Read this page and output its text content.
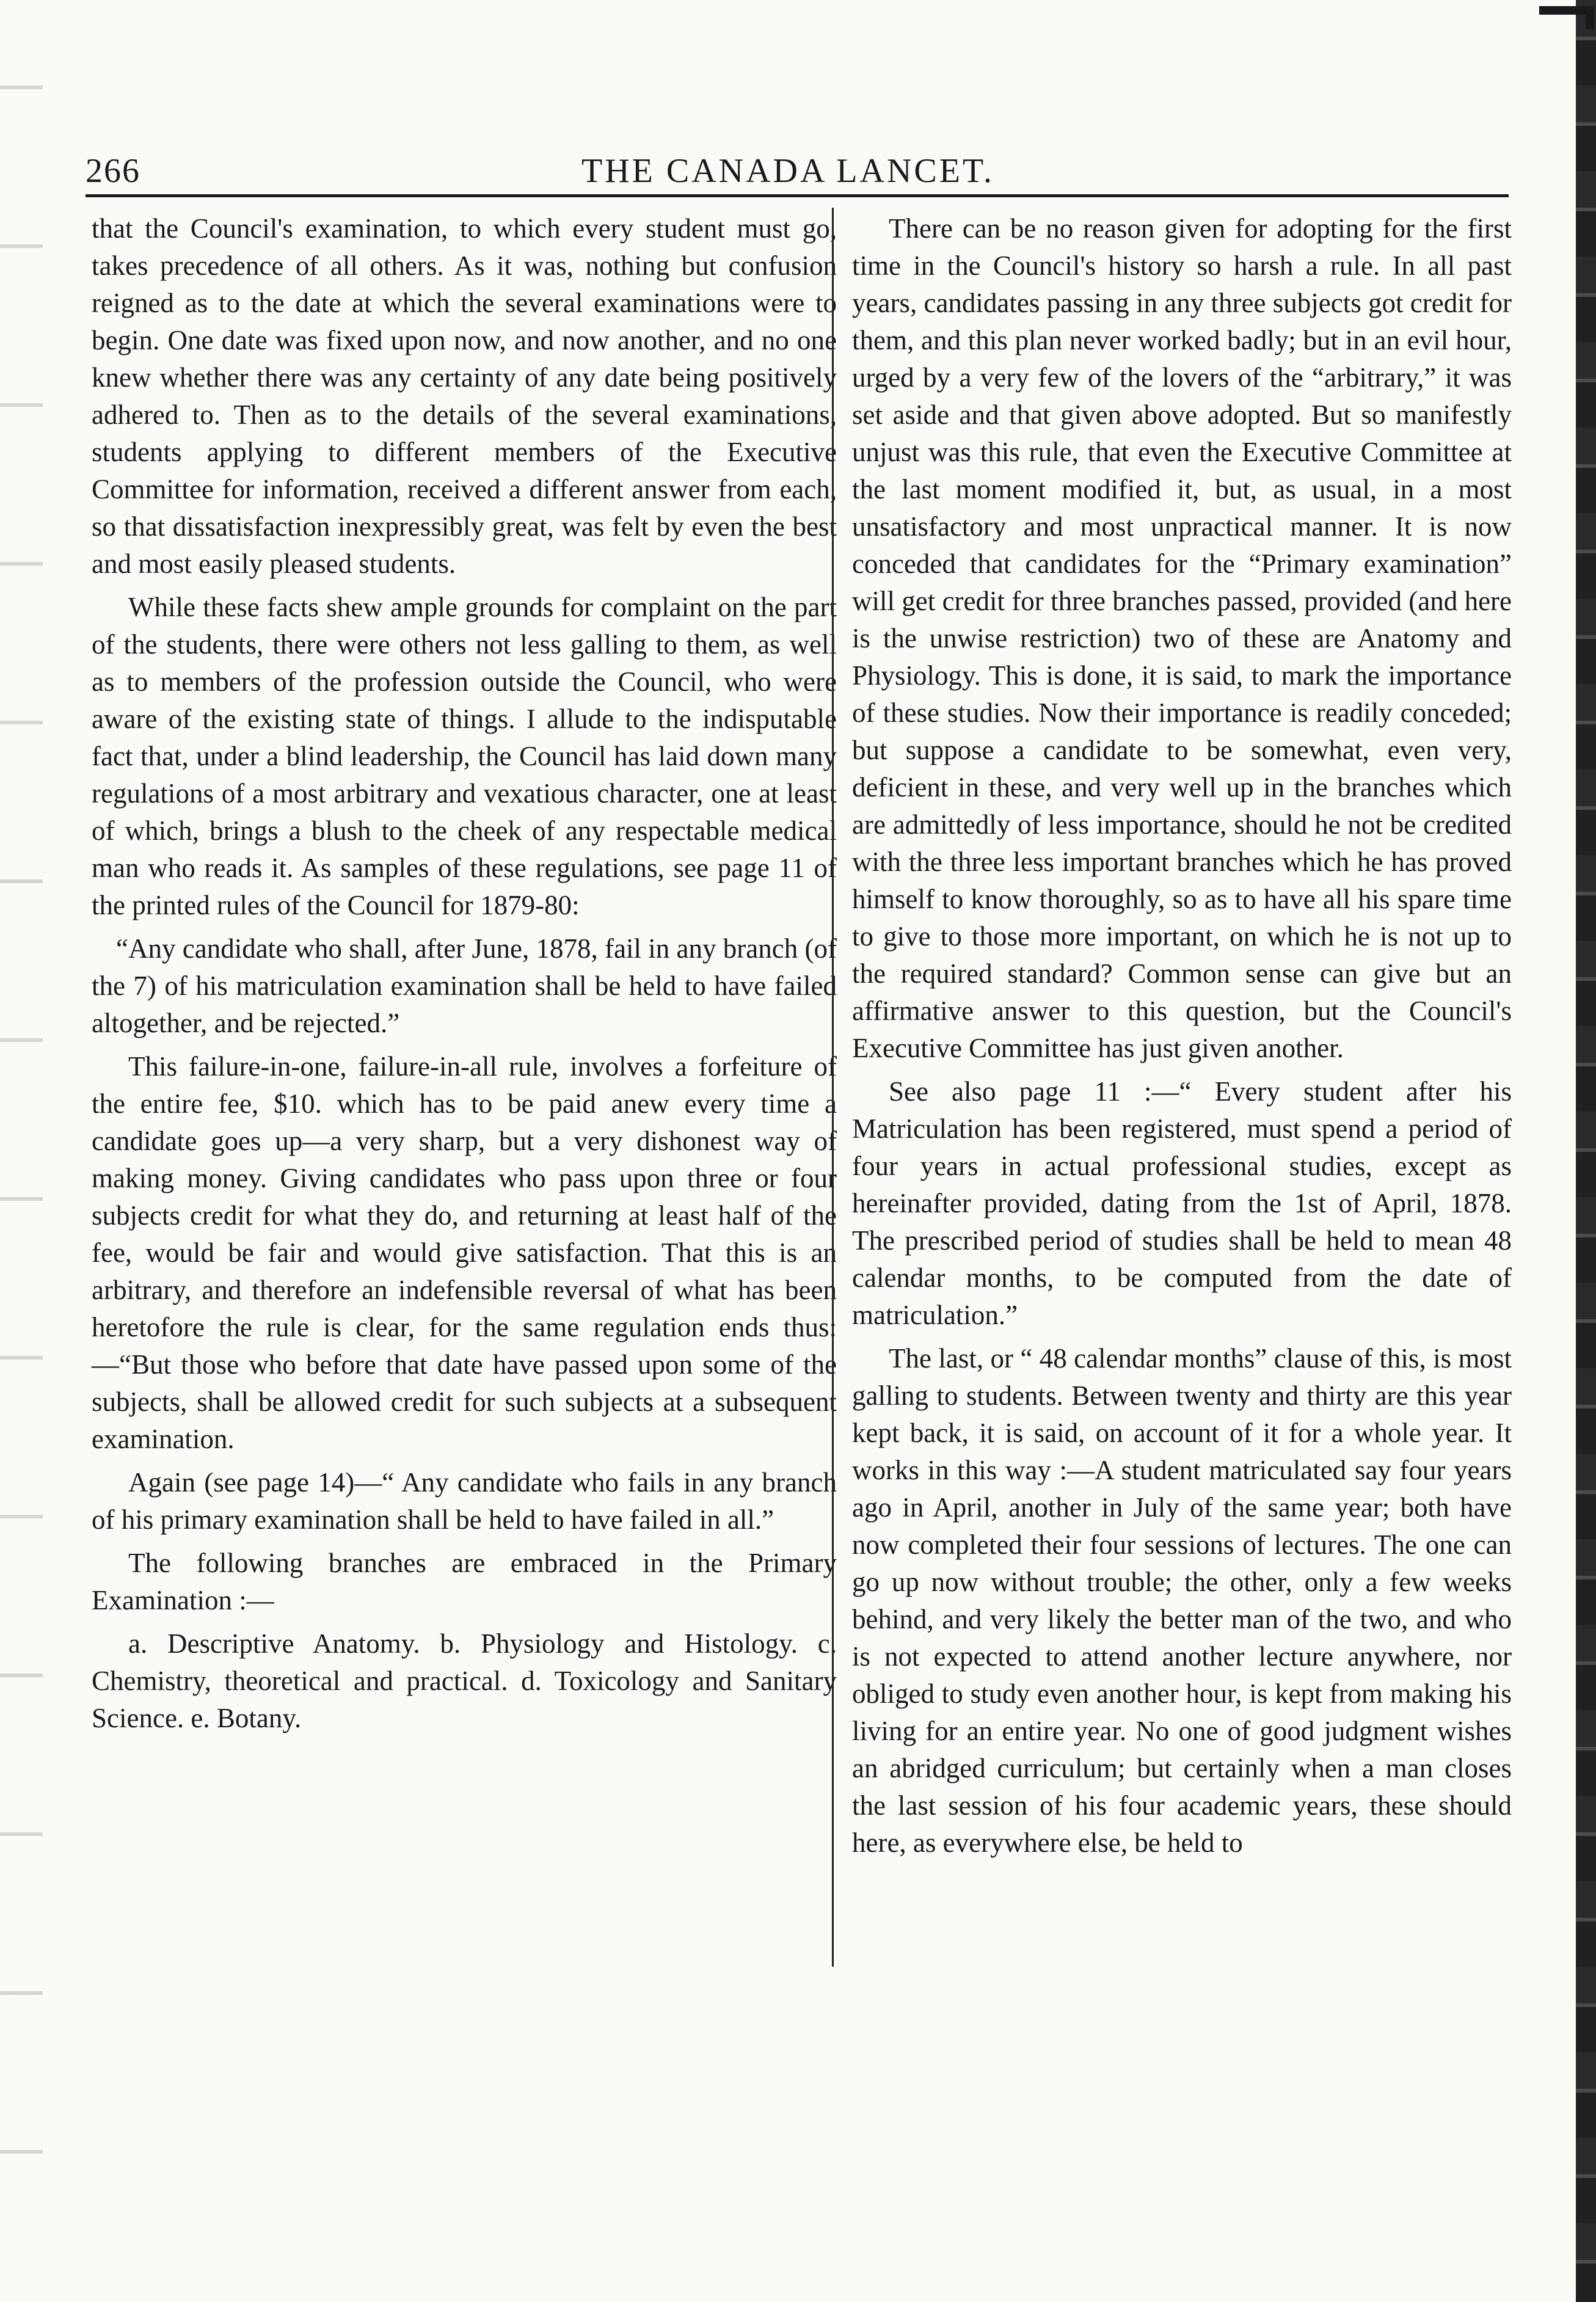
266	THE CANADA LANCET.

that the Council's examination, to which every student must go, takes precedence of all others. As it was, nothing but confusion reigned as to the date at which the several examinations were to begin. One date was fixed upon now, and now another, and no one knew whether there was any certainty of any date being positively adhered to. Then as to the details of the several examinations, students applying to different members of the Executive Committee for information, received a different answer from each, so that dissatisfaction inexpressibly great, was felt by even the best and most easily pleased students.

While these facts shew ample grounds for complaint on the part of the students, there were others not less galling to them, as well as to members of the profession outside the Council, who were aware of the existing state of things. I allude to the indisputable fact that, under a blind leadership, the Council has laid down many regulations of a most arbitrary and vexatious character, one at least of which, brings a blush to the cheek of any respectable medical man who reads it. As samples of these regulations, see page 11 of the printed rules of the Council for 1879-80:

“Any candidate who shall, after June, 1878, fail in any branch (of the 7) of his matriculation examination shall be held to have failed altogether, and be rejected.”

This failure-in-one, failure-in-all rule, involves a forfeiture of the entire fee, $10. which has to be paid anew every time a candidate goes up—a very sharp, but a very dishonest way of making money. Giving candidates who pass upon three or four subjects credit for what they do, and returning at least half of the fee, would be fair and would give satisfaction. That this is an arbitrary, and therefore an indefensible reversal of what has been heretofore the rule is clear, for the same regulation ends thus:—“But those who before that date have passed upon some of the subjects, shall be allowed credit for such subjects at a subsequent examination.

Again (see page 14)—“ Any candidate who fails in any branch of his primary examination shall be held to have failed in all.”

The following branches are embraced in the Primary Examination :—

a. Descriptive Anatomy. b. Physiology and Histology. c. Chemistry, theoretical and practical. d. Toxicology and Sanitary Science. e. Botany.

There can be no reason given for adopting for the first time in the Council's history so harsh a rule. In all past years, candidates passing in any three subjects got credit for them, and this plan never worked badly; but in an evil hour, urged by a very few of the lovers of the “arbitrary,” it was set aside and that given above adopted. But so manifestly unjust was this rule, that even the Executive Committee at the last moment modified it, but, as usual, in a most unsatisfactory and most unpractical manner. It is now conceded that candidates for the “Primary examination” will get credit for three branches passed, provided (and here is the unwise restriction) two of these are Anatomy and Physiology. This is done, it is said, to mark the importance of these studies. Now their importance is readily conceded; but suppose a candidate to be somewhat, even very, deficient in these, and very well up in the branches which are admittedly of less importance, should he not be credited with the three less important branches which he has proved himself to know thoroughly, so as to have all his spare time to give to those more important, on which he is not up to the required standard? Common sense can give but an affirmative answer to this question, but the Council's Executive Committee has just given another.

See also page 11 :—“ Every student after his Matriculation has been registered, must spend a period of four years in actual professional studies, except as hereinafter provided, dating from the 1st of April, 1878. The prescribed period of studies shall be held to mean 48 calendar months, to be computed from the date of matriculation.”

The last, or “ 48 calendar months” clause of this, is most galling to students. Between twenty and thirty are this year kept back, it is said, on account of it for a whole year. It works in this way :—A student matriculated say four years ago in April, another in July of the same year; both have now completed their four sessions of lectures. The one can go up now without trouble; the other, only a few weeks behind, and very likely the better man of the two, and who is not expected to attend another lecture anywhere, nor obliged to study even another hour, is kept from making his living for an entire year. No one of good judgment wishes an abridged curriculum; but certainly when a man closes the last session of his four academic years, these should here, as everywhere else, be held to
